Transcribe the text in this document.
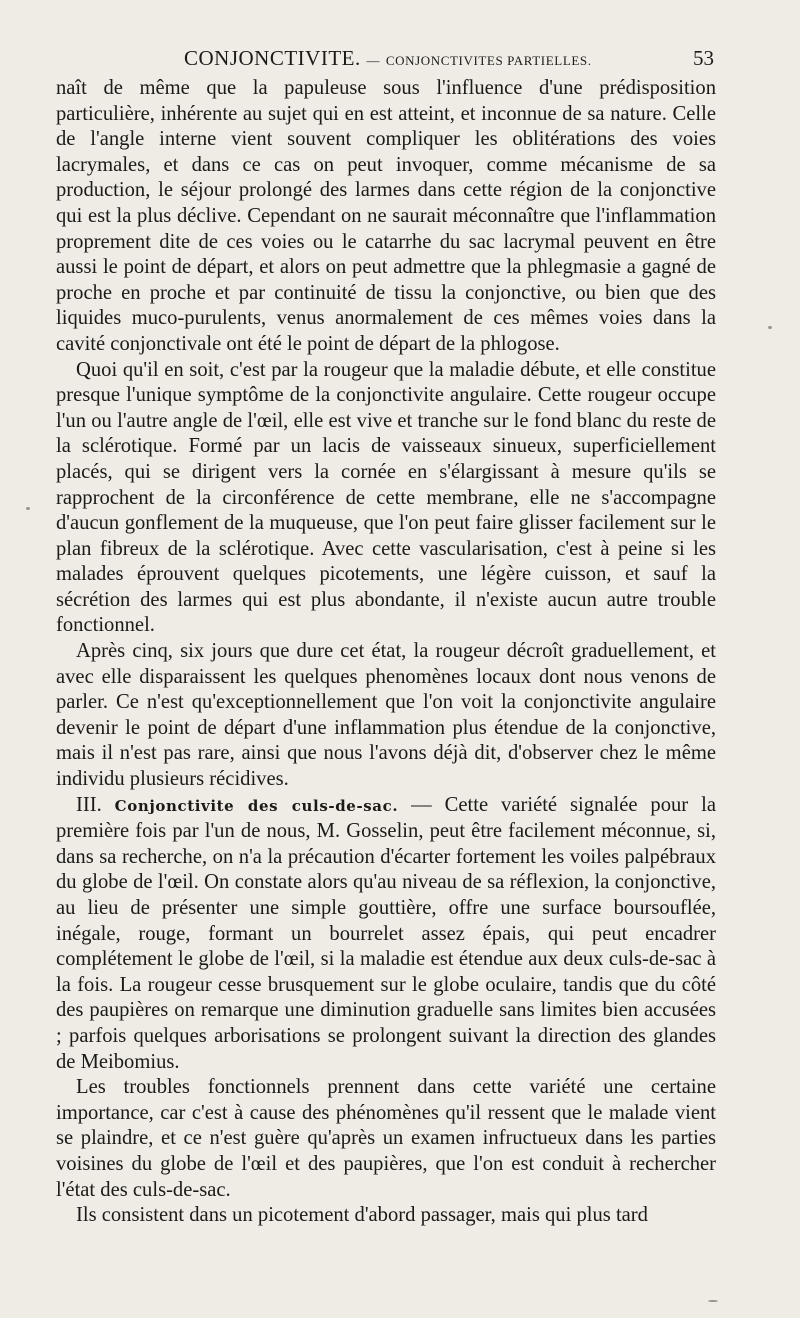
CONJONCTIVITE. — CONJONCTIVITES PARTIELLES.	53

naît de même que la papuleuse sous l'influence d'une prédisposition particulière, inhérente au sujet qui en est atteint, et inconnue de sa nature. Celle de l'angle interne vient souvent compliquer les oblitérations des voies lacrymales, et dans ce cas on peut invoquer, comme mécanisme de sa production, le séjour prolongé des larmes dans cette région de la conjonctive qui est la plus déclive. Cependant on ne saurait méconnaître que l'inflammation proprement dite de ces voies ou le catarrhe du sac lacrymal peuvent en être aussi le point de départ, et alors on peut admettre que la phlegmasie a gagné de proche en proche et par continuité de tissu la conjonctive, ou bien que des liquides muco-purulents, venus anormalement de ces mêmes voies dans la cavité conjonctivale ont été le point de départ de la phlogose.

Quoi qu'il en soit, c'est par la rougeur que la maladie débute, et elle constitue presque l'unique symptôme de la conjonctivite angulaire. Cette rougeur occupe l'un ou l'autre angle de l'œil, elle est vive et tranche sur le fond blanc du reste de la sclérotique. Formé par un lacis de vaisseaux sinueux, superficiellement placés, qui se dirigent vers la cornée en s'élargissant à mesure qu'ils se rapprochent de la circonférence de cette membrane, elle ne s'accompagne d'aucun gonflement de la muqueuse, que l'on peut faire glisser facilement sur le plan fibreux de la sclérotique. Avec cette vascularisation, c'est à peine si les malades éprouvent quelques picotements, une légère cuisson, et sauf la sécrétion des larmes qui est plus abondante, il n'existe aucun autre trouble fonctionnel.

Après cinq, six jours que dure cet état, la rougeur décroît graduellement, et avec elle disparaissent les quelques phenomènes locaux dont nous venons de parler. Ce n'est qu'exceptionnellement que l'on voit la conjonctivite angulaire devenir le point de départ d'une inflammation plus étendue de la conjonctive, mais il n'est pas rare, ainsi que nous l'avons déjà dit, d'observer chez le même individu plusieurs récidives.

III. Conjonctivite des culs-de-sac. — Cette variété signalée pour la première fois par l'un de nous, M. Gosselin, peut être facilement méconnue, si, dans sa recherche, on n'a la précaution d'écarter fortement les voiles palpébraux du globe de l'œil. On constate alors qu'au niveau de sa réflexion, la conjonctive, au lieu de présenter une simple gouttière, offre une surface boursouflée, inégale, rouge, formant un bourrelet assez épais, qui peut encadrer complétement le globe de l'œil, si la maladie est étendue aux deux culs-de-sac à la fois. La rougeur cesse brusquement sur le globe oculaire, tandis que du côté des paupières on remarque une diminution graduelle sans limites bien accusées ; parfois quelques arborisations se prolongent suivant la direction des glandes de Meibomius.

Les troubles fonctionnels prennent dans cette variété une certaine importance, car c'est à cause des phénomènes qu'il ressent que le malade vient se plaindre, et ce n'est guère qu'après un examen infructueux dans les parties voisines du globe de l'œil et des paupières, que l'on est conduit à rechercher l'état des culs-de-sac.

Ils consistent dans un picotement d'abord passager, mais qui plus tard
